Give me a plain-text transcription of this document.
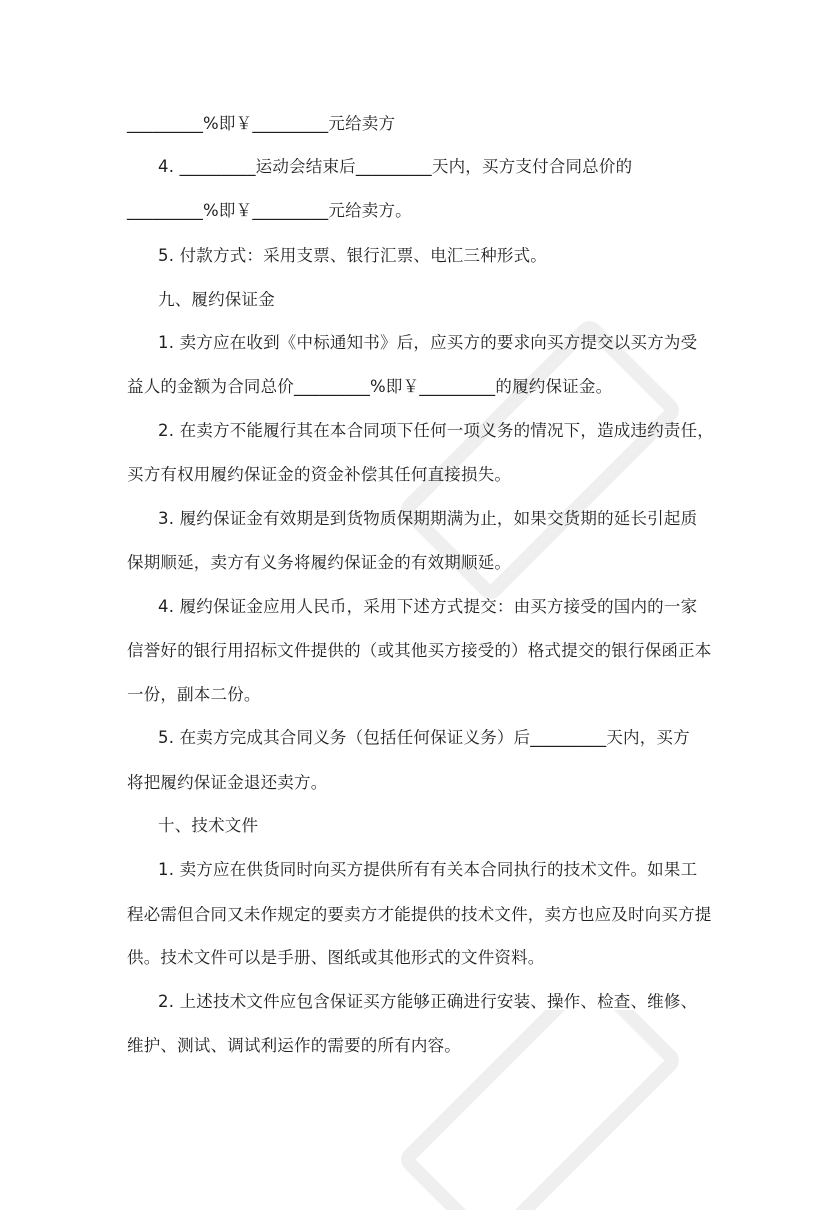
_________%即￥_________元给卖方
4. _________运动会结束后_________天内，买方支付合同总价的
_________%即￥_________元给卖方。
5. 付款方式：采用支票、银行汇票、电汇三种形式。
九、履约保证金
1. 卖方应在收到《中标通知书》后，应买方的要求向买方提交以买方为受
益人的金额为合同总价_________%即￥_________的履约保证金。
2. 在卖方不能履行其在本合同项下任何一项义务的情况下，造成违约责任，
买方有权用履约保证金的资金补偿其任何直接损失。
3. 履约保证金有效期是到货物质保期期满为止，如果交货期的延长引起质
保期顺延，卖方有义务将履约保证金的有效期顺延。
4. 履约保证金应用人民币，采用下述方式提交：由买方接受的国内的一家
信誉好的银行用招标文件提供的（或其他买方接受的）格式提交的银行保函正本
一份，副本二份。
5. 在卖方完成其合同义务（包括任何保证义务）后_________天内，买方
将把履约保证金退还卖方。
十、技术文件
1. 卖方应在供货同时向买方提供所有有关本合同执行的技术文件。如果工
程必需但合同又未作规定的要卖方才能提供的技术文件，卖方也应及时向买方提
供。技术文件可以是手册、图纸或其他形式的文件资料。
2. 上述技术文件应包含保证买方能够正确进行安装、操作、检查、维修、
维护、测试、调试利运作的需要的所有内容。
